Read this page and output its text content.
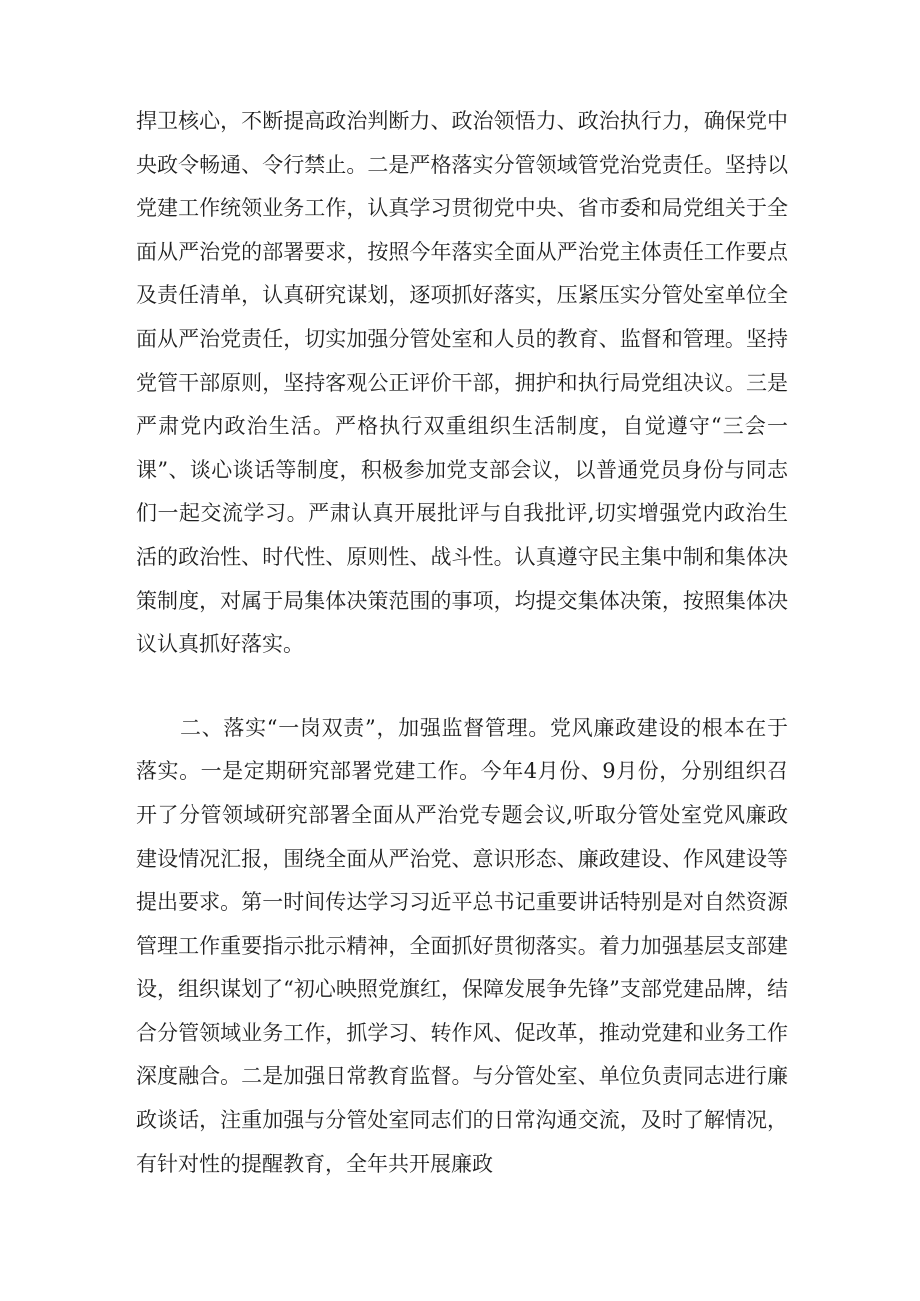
捍卫核心，不断提高政治判断力、政治领悟力、政治执行力，确保党中央政令畅通、令行禁止。二是严格落实分管领域管党治党责任。坚持以党建工作统领业务工作，认真学习贯彻党中央、省市委和局党组关于全面从严治党的部署要求，按照今年落实全面从严治党主体责任工作要点及责任清单，认真研究谋划，逐项抓好落实，压紧压实分管处室单位全面从严治党责任，切实加强分管处室和人员的教育、监督和管理。坚持党管干部原则，坚持客观公正评价干部，拥护和执行局党组决议。三是严肃党内政治生活。严格执行双重组织生活制度，自觉遵守“三会一课”、谈心谈话等制度，积极参加党支部会议，以普通党员身份与同志们一起交流学习。严肃认真开展批评与自我批评,切实增强党内政治生活的政治性、时代性、原则性、战斗性。认真遵守民主集中制和集体决策制度，对属于局集体决策范围的事项，均提交集体决策，按照集体决议认真抓好落实。

二、落实“一岗双责”，加强监督管理。党风廉政建设的根本在于落实。一是定期研究部署党建工作。今年4月份、9月份，分别组织召开了分管领域研究部署全面从严治党专题会议,听取分管处室党风廉政建设情况汇报，围绕全面从严治党、意识形态、廉政建设、作风建设等提出要求。第一时间传达学习习近平总书记重要讲话特别是对自然资源管理工作重要指示批示精神，全面抓好贯彻落实。着力加强基层支部建设，组织谋划了“初心映照党旗红，保障发展争先锋”支部党建品牌，结合分管领域业务工作，抓学习、转作风、促改革，推动党建和业务工作深度融合。二是加强日常教育监督。与分管处室、单位负责同志进行廉政谈话，注重加强与分管处室同志们的日常沟通交流，及时了解情况，有针对性的提醒教育，全年共开展廉政
